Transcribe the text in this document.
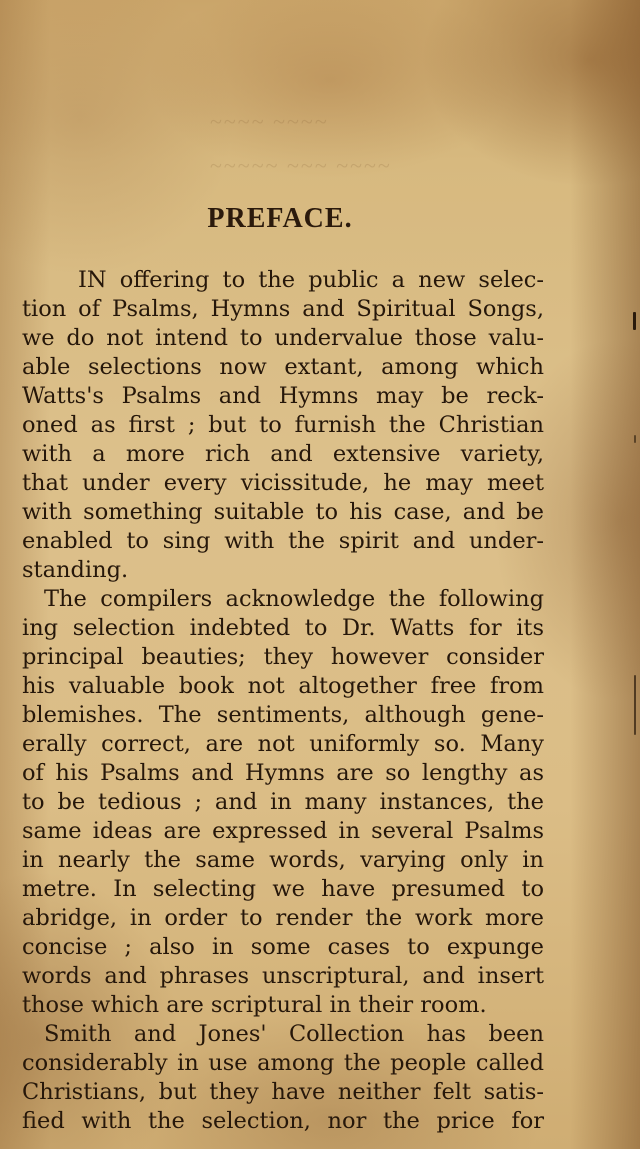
~~~~ ~~~~
~~~~~ ~~~ ~~~~
PREFACE.
IN offering to the public a new selec-
tion of Psalms, Hymns and Spiritual Songs,
we do not intend to undervalue those valu-
able selections now extant, among which
Watts's Psalms and Hymns may be reck-
oned as first ; but to furnish the Christian
with a more rich and extensive variety,
that under every vicissitude, he may meet
with something suitable to his case, and be
enabled to sing with the spirit and under-
standing.
The compilers acknowledge the following
ing selection indebted to Dr. Watts for its
principal beauties; they however consider
his valuable book not altogether free from
blemishes. The sentiments, although gene-
erally correct, are not uniformly so. Many
of his Psalms and Hymns are so lengthy as
to be tedious ; and in many instances, the
same ideas are expressed in several Psalms
in nearly the same words, varying only in
metre. In selecting we have presumed to
abridge, in order to render the work more
concise ; also in some cases to expunge
words and phrases unscriptural, and insert
those which are scriptural in their room.
Smith and Jones' Collection has been
considerably in use among the people called
Christians, but they have neither felt satis-
fied with the selection, nor the price for
